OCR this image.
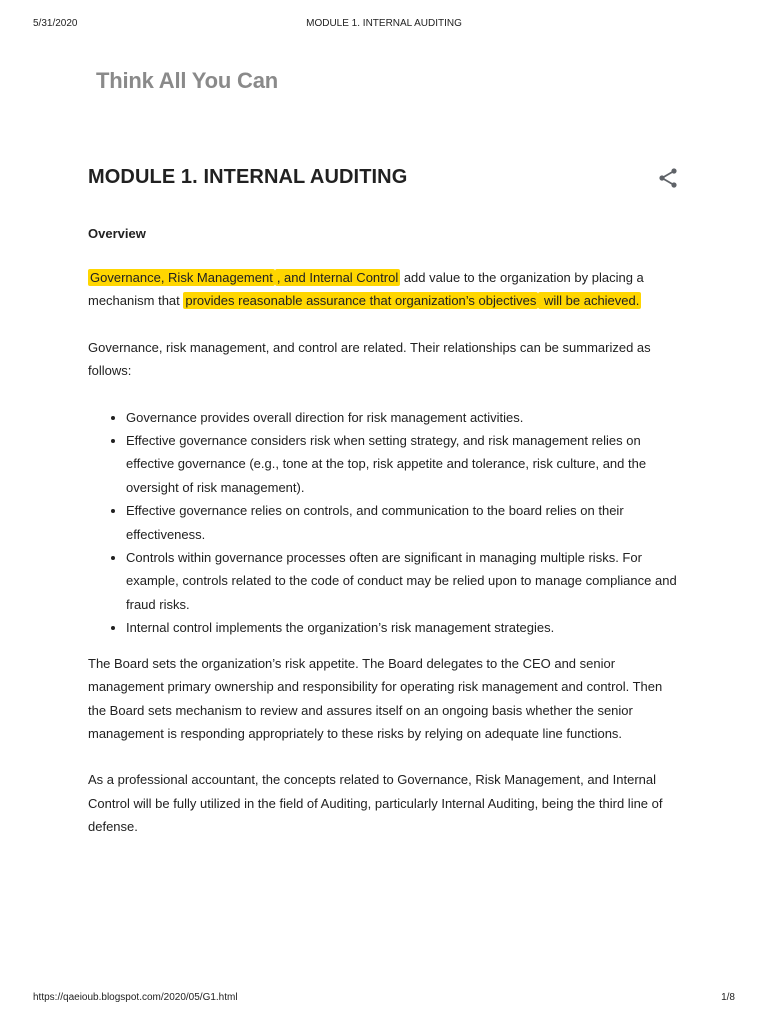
5/31/2020	MODULE 1. INTERNAL AUDITING
Think All You Can
MODULE 1. INTERNAL AUDITING
Overview

Governance, Risk Management , and Internal Control add value to the organization by placing a mechanism that provides reasonable assurance that organization’s objectives will be achieved.

Governance, risk management, and control are related. Their relationships can be summarized as follows:

• Governance provides overall direction for risk management activities.
• Effective governance considers risk when setting strategy, and risk management relies on effective governance (e.g., tone at the top, risk appetite and tolerance, risk culture, and the oversight of risk management).
• Effective governance relies on controls, and communication to the board relies on their effectiveness.
• Controls within governance processes often are significant in managing multiple risks. For example, controls related to the code of conduct may be relied upon to manage compliance and fraud risks.
• Internal control implements the organization’s risk management strategies.

The Board sets the organization’s risk appetite. The Board delegates to the CEO and senior management primary ownership and responsibility for operating risk management and control. Then the Board sets mechanism to review and assures itself on an ongoing basis whether the senior management is responding appropriately to these risks by relying on adequate line functions.

As a professional accountant, the concepts related to Governance, Risk Management, and Internal Control will be fully utilized in the field of Auditing, particularly Internal Auditing, being the third line of defense.

https://qaeioub.blogspot.com/2020/05/G1.html	1/8
